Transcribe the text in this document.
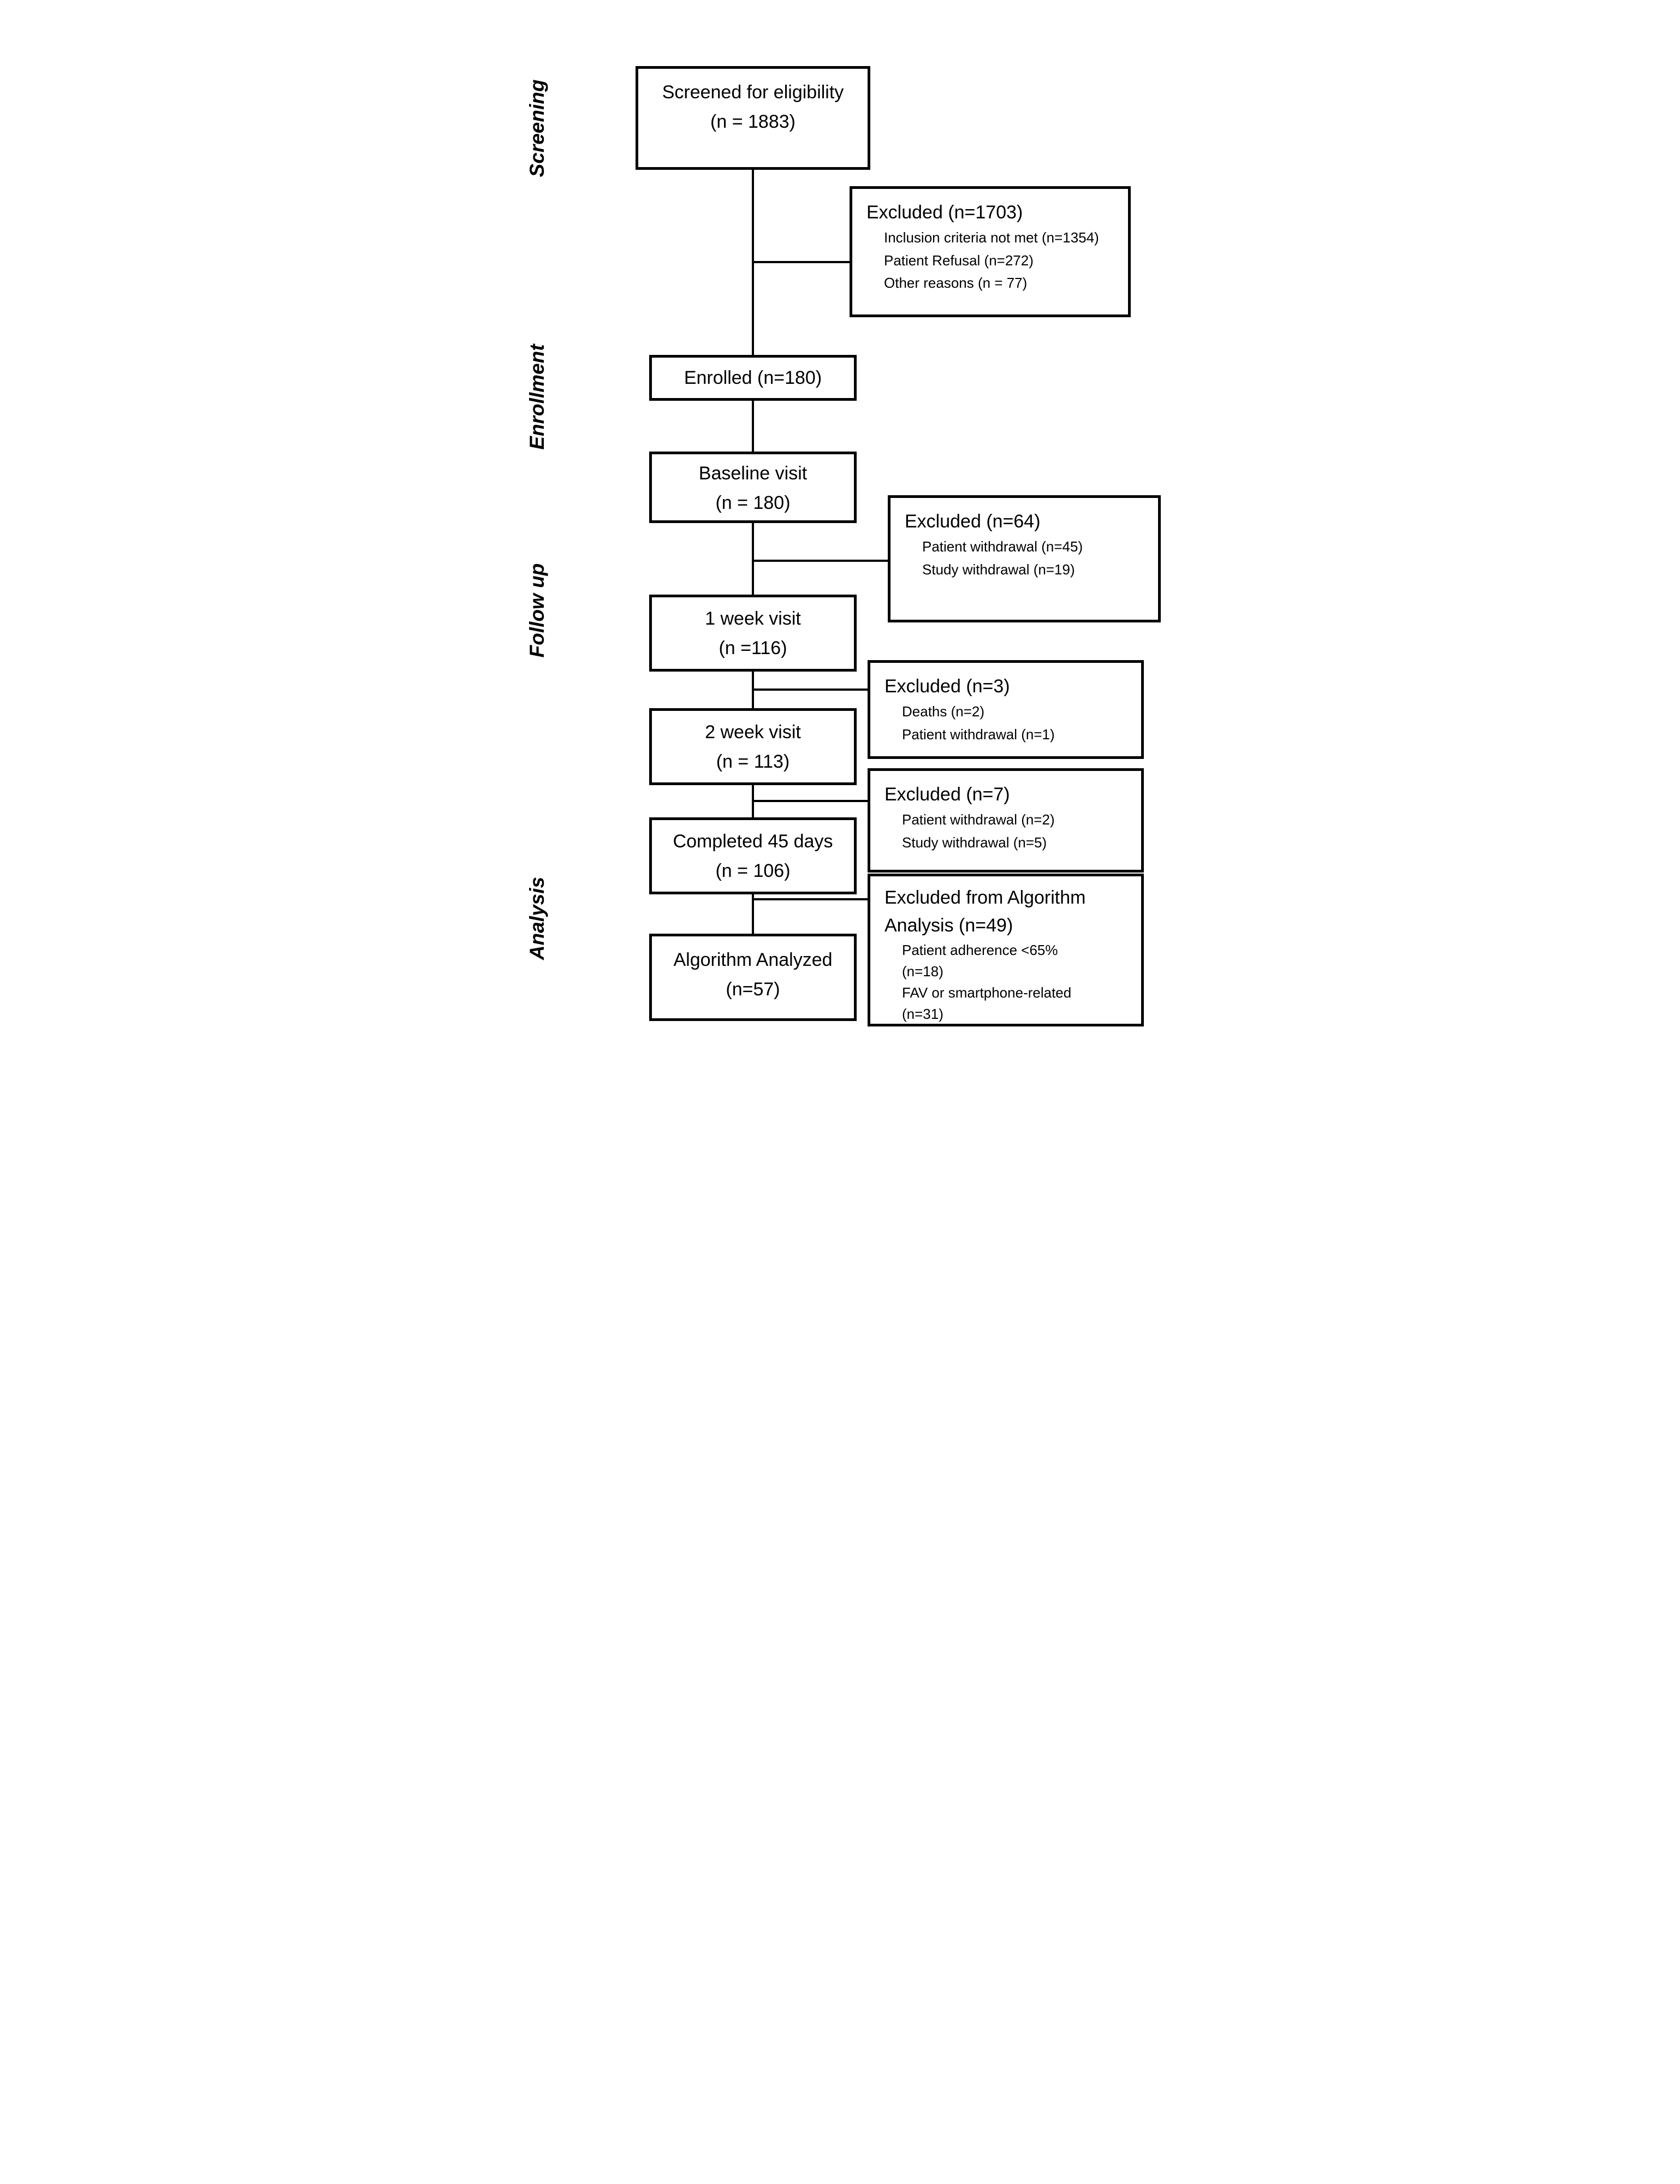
Screening
Enrollment
Follow up
Analysis
Screened for eligibility
(n = 1883)
Enrolled (n=180)
Baseline visit
(n = 180)
1 week visit
(n =116)
2 week visit
(n = 113)
Completed 45 days
(n = 106)
Algorithm Analyzed
(n=57)
Excluded (n=1703)
Inclusion criteria not met (n=1354)
Patient Refusal (n=272)
Other reasons (n = 77)
Excluded (n=64)
Patient withdrawal (n=45)
Study withdrawal (n=19)
Excluded (n=3)
Deaths (n=2)
Patient withdrawal (n=1)
Excluded (n=7)
Patient withdrawal (n=2)
Study withdrawal (n=5)
Excluded from Algorithm
Analysis (n=49)
Patient adherence <65%
(n=18)
FAV or smartphone-related
(n=31)
